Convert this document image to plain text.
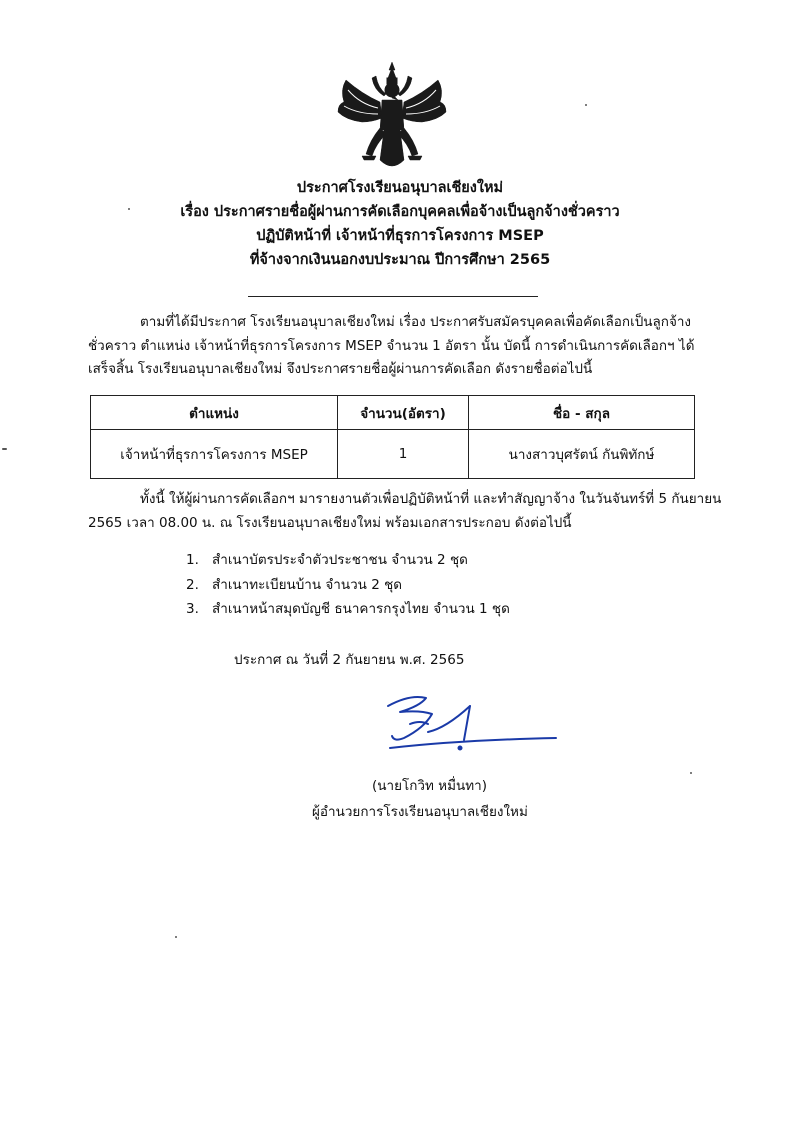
ประกาศโรงเรียนอนุบาลเชียงใหม่
เรื่อง ประกาศรายชื่อผู้ผ่านการคัดเลือกบุคคลเพื่อจ้างเป็นลูกจ้างชั่วคราว
ปฏิบัติหน้าที่ เจ้าหน้าที่ธุรการโครงการ MSEP
ที่จ้างจากเงินนอกงบประมาณ ปีการศึกษา 2565
ตามที่ได้มีประกาศ โรงเรียนอนุบาลเชียงใหม่ เรื่อง ประกาศรับสมัครบุคคลเพื่อคัดเลือกเป็นลูกจ้าง
ชั่วคราว ตำแหน่ง เจ้าหน้าที่ธุรการโครงการ MSEP จำนวน 1 อัตรา นั้น บัดนี้ การดำเนินการคัดเลือกฯ ได้
เสร็จสิ้น โรงเรียนอนุบาลเชียงใหม่ จึงประกาศรายชื่อผู้ผ่านการคัดเลือก ดังรายชื่อต่อไปนี้
ตำแหน่ง	จำนวน(อัตรา)	ชื่อ - สกุล
เจ้าหน้าที่ธุรการโครงการ MSEP	1	นางสาวบุศรัตน์ กันพิทักษ์
ทั้งนี้ ให้ผู้ผ่านการคัดเลือกฯ มารายงานตัวเพื่อปฏิบัติหน้าที่ และทำสัญญาจ้าง ในวันจันทร์ที่ 5 กันยายน
2565 เวลา 08.00 น. ณ โรงเรียนอนุบาลเชียงใหม่ พร้อมเอกสารประกอบ ดังต่อไปนี้
1. สำเนาบัตรประจำตัวประชาชน จำนวน 2 ชุด
2. สำเนาทะเบียนบ้าน จำนวน 2 ชุด
3. สำเนาหน้าสมุดบัญชี ธนาคารกรุงไทย จำนวน 1 ชุด
ประกาศ ณ วันที่ 2 กันยายน พ.ศ. 2565
(นายโกวิท หมื่นทา)
ผู้อำนวยการโรงเรียนอนุบาลเชียงใหม่
